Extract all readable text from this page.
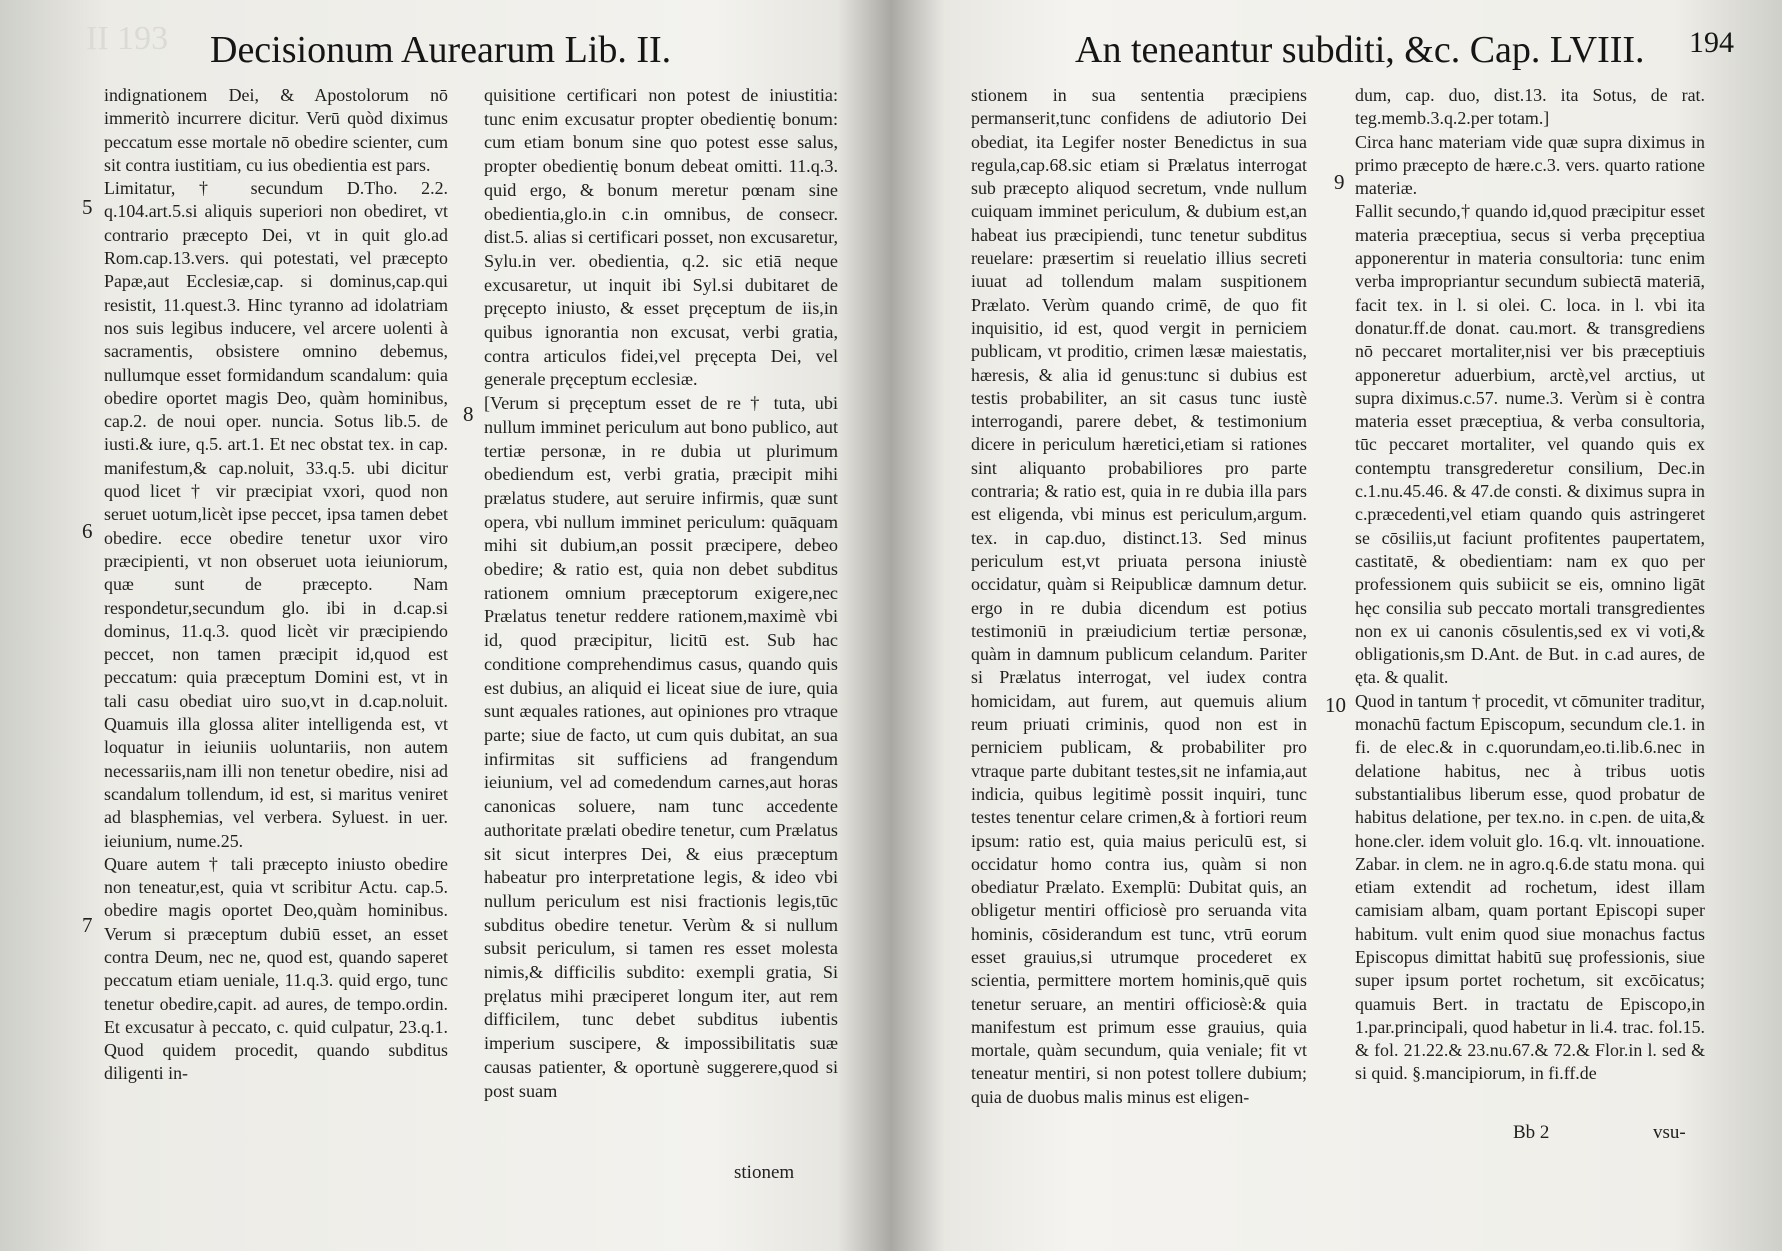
ΙΙ 193 Decisionum Aurearum Lib. II.

indignationem Dei, & Apostolorum nō immeritò incurrere dicitur. Verū quòd diximus peccatum esse mortale nō obedire scienter, cum sit contra iustitiam, cu ius obedientia est pars.
Limitatur, † secundum D.Tho. 2.2. q.104.art.5.si aliquis superiori non obediret, vt contrario præcepto Dei, vt in quit glo.ad Rom.cap.13.vers. qui potestati, vel præcepto Papæ,aut Ecclesiæ,cap. si dominus,cap.qui resistit, 11.quest.3. Hinc tyranno ad idolatriam nos suis legibus inducere, vel arcere uolenti à sacramentis, obsistere omnino debemus, nullumque esset formidandum scandalum: quia obedire oportet magis Deo, quàm hominibus, cap.2. de noui oper. nuncia. Sotus lib.5. de iusti.& iure, q.5. art.1. Et nec obstat tex. in cap. manifestum,& cap.noluit, 33.q.5. ubi dicitur quod licet † vir præcipiat vxori, quod non seruet uotum,licèt ipse peccet, ipsa tamen debet obedire. ecce obedire tenetur uxor viro præcipienti, vt non obseruet uota ieiuniorum, quæ sunt de præcepto. Nam respondetur,secundum glo. ibi in d.cap.si dominus, 11.q.3. quod licèt vir præcipiendo peccet, non tamen præcipit id,quod est peccatum: quia præceptum Domini est, vt in tali casu obediat uiro suo,vt in d.cap.noluit. Quamuis illa glossa aliter intelligenda est, vt loquatur in ieiuniis uoluntariis, non autem necessariis,nam illi non tenetur obedire, nisi ad scandalum tollendum, id est, si maritus veniret ad blasphemias, vel verbera. Syluest. in uer. ieiunium, nume.25.
Quare autem † tali præcepto iniusto obedire non teneatur,est, quia vt scribitur Actu. cap.5. obedire magis oportet Deo,quàm hominibus. Verum si præceptum dubiū esset, an esset contra Deum, nec ne, quod est, quando saperet peccatum etiam ueniale, 11.q.3. quid ergo, tunc tenetur obedire,capit. ad aures, de tempo.ordin. Et excusatur à peccato, c. quid culpatur, 23.q.1. Quod quidem procedit, quando subditus diligenti in-

quisitione certificari non potest de iniustitia: tunc enim excusatur propter obedientię bonum: cum etiam bonum sine quo potest esse salus, propter obedientię bonum debeat omitti. 11.q.3. quid ergo, & bonum meretur pœnam sine obedientia,glo.in c.in omnibus, de consecr. dist.5. alias si certificari posset, non excusaretur, Sylu.in ver. obedientia, q.2. sic etiā neque excusaretur, ut inquit ibi Syl.si dubitaret de pręcepto iniusto, & esset pręceptum de iis,in quibus ignorantia non excusat, verbi gratia, contra articulos fidei,vel pręcepta Dei, vel generale pręceptum ecclesiæ.
[Verum si pręceptum esset de re † tuta, ubi nullum imminet periculum aut bono publico, aut tertiæ personæ, in re dubia ut plurimum obediendum est, verbi gratia, præcipit mihi prælatus studere, aut seruire infirmis, quæ sunt opera, vbi nullum imminet periculum: quāquam mihi sit dubium,an possit præcipere, debeo obedire; & ratio est, quia non debet subditus rationem omnium præceptorum exigere,nec Prælatus tenetur reddere rationem,maximè vbi id, quod præcipitur, licitū est. Sub hac conditione comprehendimus casus, quando quis est dubius, an aliquid ei liceat siue de iure, quia sunt æquales rationes, aut opiniones pro vtraque parte; siue de facto, ut cum quis dubitat, an sua infirmitas sit sufficiens ad frangendum ieiunium, vel ad comedendum carnes,aut horas canonicas soluere, nam tunc accedente authoritate prælati obedire tenetur, cum Prælatus sit sicut interpres Dei, & eius præceptum habeatur pro interpretatione legis, & ideo vbi nullum periculum est nisi fractionis legis,tūc subditus obedire tenetur. Verùm & si nullum subsit periculum, si tamen res esset molesta nimis,& difficilis subdito: exempli gratia, Si pręlatus mihi præciperet longum iter, aut rem difficilem, tunc debet subditus iubentis imperium suscipere, & impossibilitatis suæ causas patienter, & oportunè suggerere,quod si post suam

5
6
7
8
stionem
An teneantur subditi, &c. Cap. LVIII. 194

stionem in sua sententia præcipiens permanserit,tunc confidens de adiutorio Dei obediat, ita Legifer noster Benedictus in sua regula,cap.68.sic etiam si Prælatus interrogat sub præcepto aliquod secretum, vnde nullum cuiquam imminet periculum, & dubium est,an habeat ius præcipiendi, tunc tenetur subditus reuelare: præsertim si reuelatio illius secreti iuuat ad tollendum malam suspitionem Prælato. Verùm quando crimē, de quo fit inquisitio, id est, quod vergit in perniciem publicam, vt proditio, crimen læsæ maiestatis, hæresis, & alia id genus:tunc si dubius est testis probabiliter, an sit casus tunc iustè interrogandi, parere debet, & testimonium dicere in periculum hæretici,etiam si rationes sint aliquanto probabiliores pro parte contraria; & ratio est, quia in re dubia illa pars est eligenda, vbi minus est periculum,argum. tex. in cap.duo, distinct.13. Sed minus periculum est,vt priuata persona iniustè occidatur, quàm si Reipublicæ damnum detur. ergo in re dubia dicendum est potius testimoniū in præiudicium tertiæ personæ, quàm in damnum publicum celandum. Pariter si Prælatus interrogat, vel iudex contra homicidam, aut furem, aut quemuis alium reum priuati criminis, quod non est in perniciem publicam, & probabiliter pro vtraque parte dubitant testes,sit ne infamia,aut indicia, quibus legitimè possit inquiri, tunc testes tenentur celare crimen,& à fortiori reum ipsum: ratio est, quia maius periculū est, si occidatur homo contra ius, quàm si non obediatur Prælato. Exemplū: Dubitat quis, an obligetur mentiri officiosè pro seruanda vita hominis, cōsiderandum est tunc, vtrū eorum esset grauius,si utrumque procederet ex scientia, permittere mortem hominis,quē quis tenetur seruare, an mentiri officiosè:& quia manifestum est primum esse grauius, quia mortale, quàm secundum, quia veniale; fit vt teneatur mentiri, si non potest tollere dubium; quia de duobus malis minus est eligen-

dum, cap. duo, dist.13. ita Sotus, de rat. teg.memb.3.q.2.per totam.]
Circa hanc materiam vide quæ supra diximus in primo præcepto de hære.c.3. vers. quarto ratione materiæ.
Fallit secundo,† quando id,quod præcipitur esset materia præceptiua, secus si verba pręceptiua apponerentur in materia consultoria: tunc enim verba impropriantur secundum subiectā materiā, facit tex. in l. si olei. C. loca. in l. vbi ita donatur.ff.de donat. cau.mort. & transgrediens nō peccaret mortaliter,nisi ver bis præceptiuis apponeretur aduerbium, arctè,vel arctius, ut supra diximus.c.57. nume.3. Verùm si è contra materia esset præceptiua, & verba consultoria, tūc peccaret mortaliter, vel quando quis ex contemptu transgrederetur consilium, Dec.in c.1.nu.45.46. & 47.de consti. & diximus supra in c.præcedenti,vel etiam quando quis astringeret se cōsiliis,ut faciunt profitentes paupertatem, castitatē, & obedientiam: nam ex quo per professionem quis subiicit se eis, omnino ligāt hęc consilia sub peccato mortali transgredientes non ex ui canonis cōsulentis,sed ex vi voti,& obligationis,sm D.Ant. de But. in c.ad aures, de ęta. & qualit.
Quod in tantum † procedit, vt cōmuniter traditur, monachū factum Episcopum, secundum cle.1. in fi. de elec.& in c.quorundam,eo.ti.lib.6.nec in delatione habitus, nec à tribus uotis substantialibus liberum esse, quod probatur de habitus delatione, per tex.no. in c.pen. de uita,& hone.cler. idem voluit glo. 16.q. vlt. innouatione. Zabar. in clem. ne in agro.q.6.de statu mona. qui etiam extendit ad rochetum, idest illam camisiam albam, quam portant Episcopi super habitum. vult enim quod siue monachus factus Episcopus dimittat habitū suę professionis, siue super ipsum portet rochetum, sit excōicatus; quamuis Bert. in tractatu de Episcopo,in 1.par.principali, quod habetur in li.4. trac. fol.15. & fol. 21.22.& 23.nu.67.& 72.& Flor.in l. sed & si quid. §.mancipiorum, in fi.ff.de

9
10
Bb 2	vsu-
